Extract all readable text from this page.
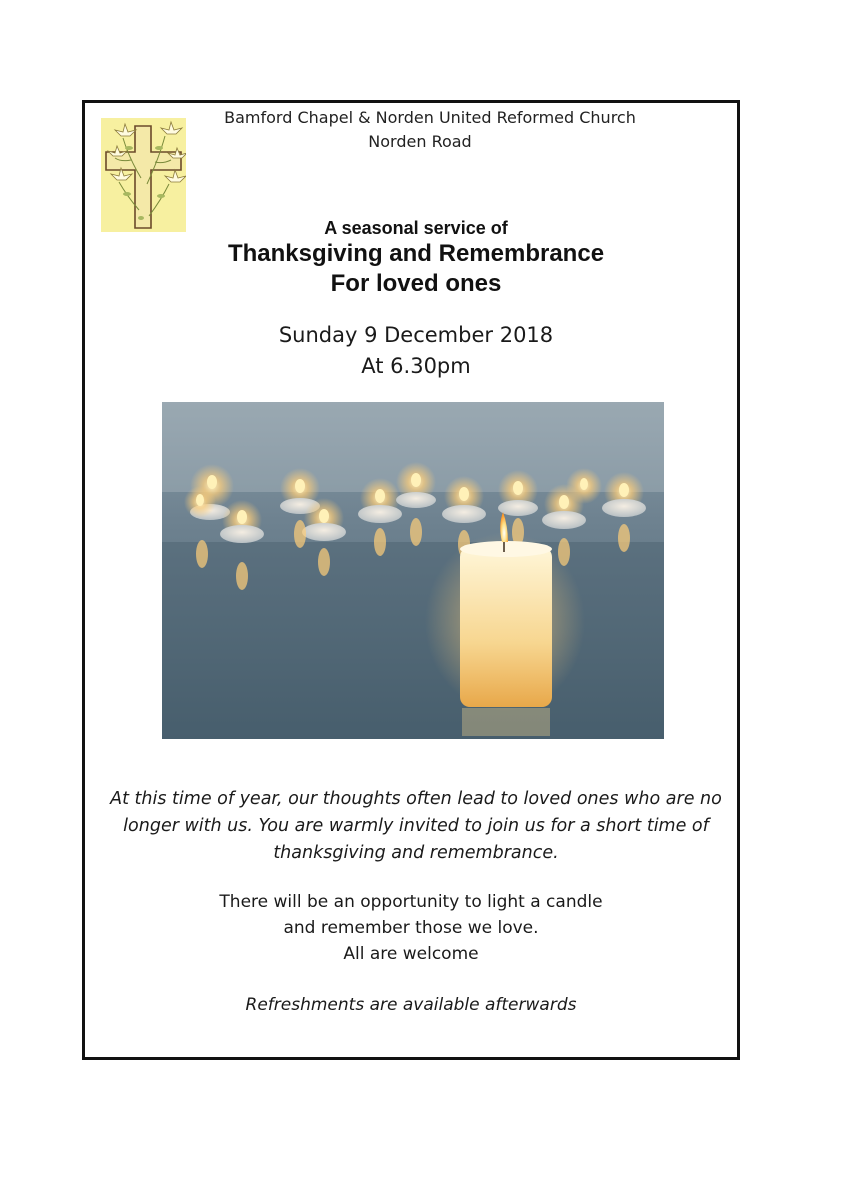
Bamford Chapel & Norden United Reformed Church
Norden Road
A seasonal service of
Thanksgiving and Remembrance
For loved ones
Sunday 9 December 2018
At 6.30pm
At this time of year, our thoughts often lead to loved ones who are no longer with us. You are warmly invited to join us for a short time of thanksgiving and remembrance.
There will be an opportunity to light a candle
and remember those we love.
All are welcome
Refreshments are available afterwards
